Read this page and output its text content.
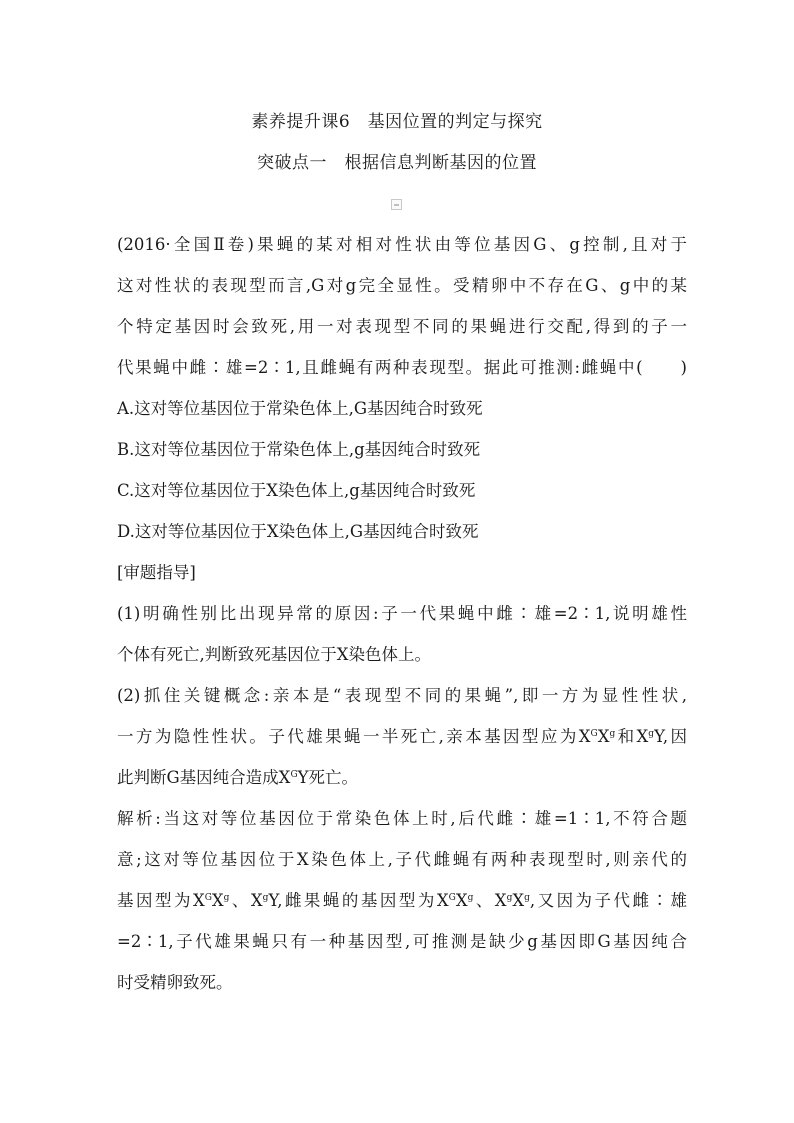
素养提升课6　基因位置的判定与探究
突破点一　根据信息判断基因的位置
(2016·全国Ⅱ卷)果蝇的某对相对性状由等位基因G、g控制,且对于
这对性状的表现型而言,G对g完全显性。受精卵中不存在G、g中的某
个特定基因时会致死,用一对表现型不同的果蝇进行交配,得到的子一
代果蝇中雌∶雄=2∶1,且雌蝇有两种表现型。据此可推测:雌蝇中(　　)
A.这对等位基因位于常染色体上,G基因纯合时致死
B.这对等位基因位于常染色体上,g基因纯合时致死
C.这对等位基因位于X染色体上,g基因纯合时致死
D.这对等位基因位于X染色体上,G基因纯合时致死
[审题指导]
(1)明确性别比出现异常的原因:子一代果蝇中雌∶雄=2∶1,说明雄性
个体有死亡,判断致死基因位于X染色体上。
(2)抓住关键概念:亲本是“表现型不同的果蝇”,即一方为显性性状,
一方为隐性性状。子代雄果蝇一半死亡,亲本基因型应为$X^GX^g$和$X^gY$,因
此判断G基因纯合造成$X^GY$死亡。
解析:当这对等位基因位于常染色体上时,后代雌∶雄=1∶1,不符合题
意;这对等位基因位于X染色体上,子代雌蝇有两种表现型时,则亲代的
基因型为$X^GX^g$、$X^gY$,雌果蝇的基因型为$X^GX^g$、$X^gX^g$,又因为子代雌∶雄
=2∶1,子代雄果蝇只有一种基因型,可推测是缺少g基因即G基因纯合
时受精卵致死。
